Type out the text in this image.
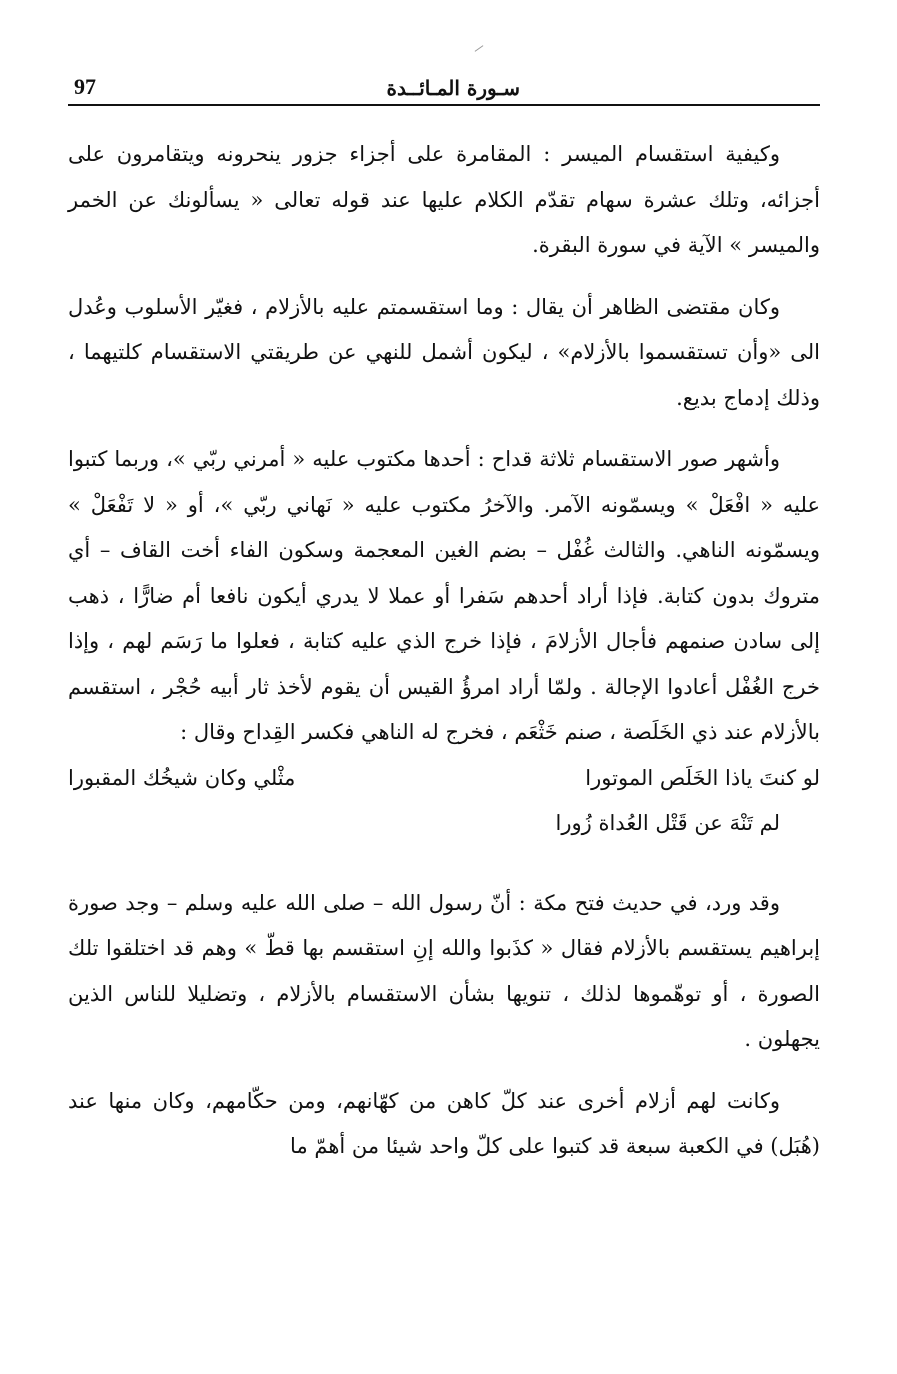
97	سـورة المـائــدة

وكيفية استقسام الميسر : المقامرة على أجزاء جزور ينحرونه ويتقامرون على أجزائه، وتلك عشرة سهام تقدّم الكلام عليها عند قوله تعالى « يسألونك عن الخمر والميسر » الآية في سورة البقرة.

وكان مقتضى الظاهر أن يقال : وما استقسمتم عليه بالأزلام ، فغيّر الأسلوب وعُدل الى «وأن تستقسموا بالأزلام» ، ليكون أشمل للنهي عن طريقتي الاستقسام كلتيهما ، وذلك إدماج بديع.

وأشهر صور الاستقسام ثلاثة قداح : أحدها مكتوب عليه « أمرني ربّي »، وربما كتبوا عليه « افْعَلْ » ويسمّونه الآمر. والآخرُ مكتوب عليه « نَهاني ربّي »، أو « لا تَفْعَلْ » ويسمّونه الناهي. والثالث غُفْل – بضم الغين المعجمة وسكون الفاء أخت القاف – أي متروك بدون كتابة. فإذا أراد أحدهم سَفرا أو عملا لا يدري أيكون نافعا أم ضارًّا ، ذهب إلى سادن صنمهم فأجال الأزلامَ ، فإذا خرج الذي عليه كتابة ، فعلوا ما رَسَم لهم ، وإذا خرج الغُفْل أعادوا الإجالة . ولمّا أراد امرؤُ القيس أن يقوم لأخذ ثار أبيه حُجْر ، استقسم بالأزلام عند ذي الخَلَصة ، صنم خَثْعَم ، فخرج له الناهي فكسر القِداح وقال :

لو كنتَ ياذا الخَلَص الموتورا
مثْلي وكان شيخُك المقبورا
لم تَنْهَ عن قَتْل العُداة زُورا

وقد ورد، في حديث فتح مكة : أنّ رسول الله – صلى الله عليه وسلم – وجد صورة إبراهيم يستقسم بالأزلام فقال « كذَبوا والله إنِ استقسم بها قطّ » وهم قد اختلقوا تلك الصورة ، أو توهّموها لذلك ، تنويها بشأن الاستقسام بالأزلام ، وتضليلا للناس الذين يجهلون .

وكانت لهم أزلام أخرى عند كلّ كاهن من كهّانهم، ومن حكّامهم، وكان منها عند (هُبَل) في الكعبة سبعة قد كتبوا على كلّ واحد شيئا من أهمّ ما
